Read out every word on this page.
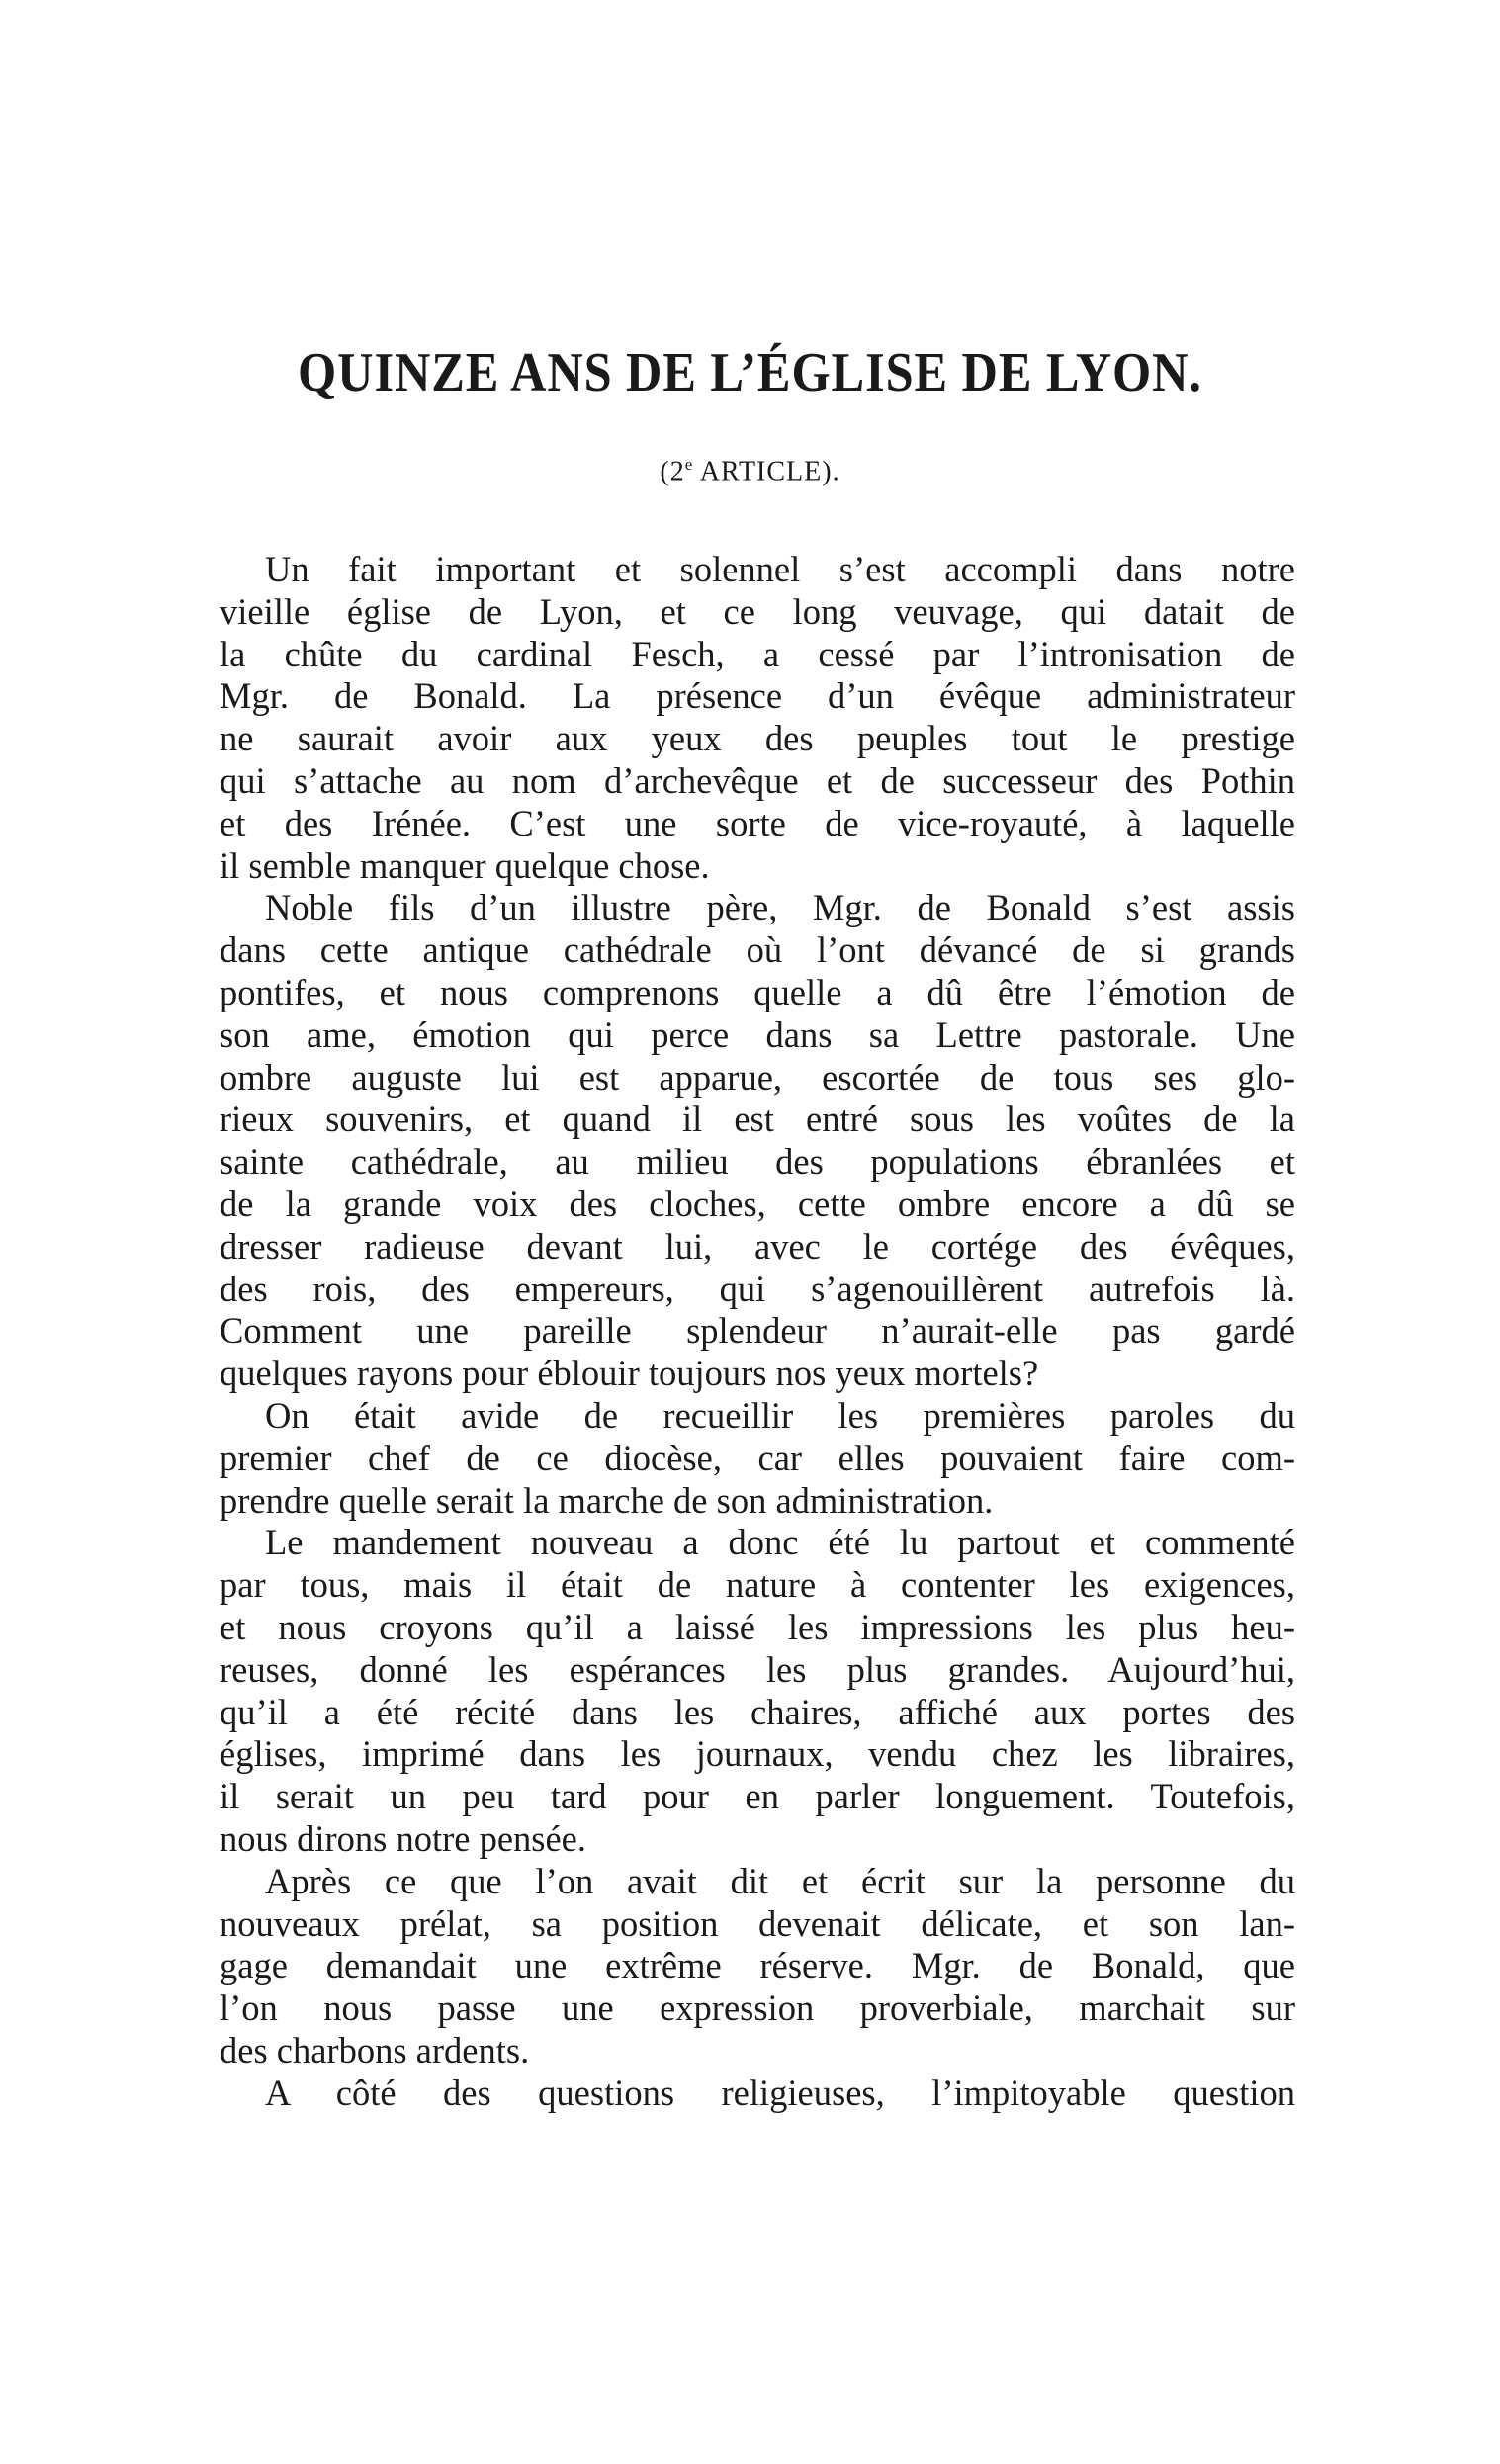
QUINZE ANS DE L’ÉGLISE DE LYON.

(2e ARTICLE).

Un fait important et solennel s’est accompli dans notre
vieille église de Lyon, et ce long veuvage, qui datait de
la chûte du cardinal Fesch, a cessé par l’intronisation de
Mgr. de Bonald. La présence d’un évêque administrateur
ne saurait avoir aux yeux des peuples tout le prestige
qui s’attache au nom d’archevêque et de successeur des Pothin
et des Irénée. C’est une sorte de vice-royauté, à laquelle
il semble manquer quelque chose.
Noble fils d’un illustre père, Mgr. de Bonald s’est assis
dans cette antique cathédrale où l’ont dévancé de si grands
pontifes, et nous comprenons quelle a dû être l’émotion de
son ame, émotion qui perce dans sa Lettre pastorale. Une
ombre auguste lui est apparue, escortée de tous ses glo-
rieux souvenirs, et quand il est entré sous les voûtes de la
sainte cathédrale, au milieu des populations ébranlées et
de la grande voix des cloches, cette ombre encore a dû se
dresser radieuse devant lui, avec le cortége des évêques,
des rois, des empereurs, qui s’agenouillèrent autrefois là.
Comment une pareille splendeur n’aurait-elle pas gardé
quelques rayons pour éblouir toujours nos yeux mortels?
On était avide de recueillir les premières paroles du
premier chef de ce diocèse, car elles pouvaient faire com-
prendre quelle serait la marche de son administration.
Le mandement nouveau a donc été lu partout et commenté
par tous, mais il était de nature à contenter les exigences,
et nous croyons qu’il a laissé les impressions les plus heu-
reuses, donné les espérances les plus grandes. Aujourd’hui,
qu’il a été récité dans les chaires, affiché aux portes des
églises, imprimé dans les journaux, vendu chez les libraires,
il serait un peu tard pour en parler longuement. Toutefois,
nous dirons notre pensée.
Après ce que l’on avait dit et écrit sur la personne du
nouveaux prélat, sa position devenait délicate, et son lan-
gage demandait une extrême réserve. Mgr. de Bonald, que
l’on nous passe une expression proverbiale, marchait sur
des charbons ardents.
A côté des questions religieuses, l’impitoyable question
